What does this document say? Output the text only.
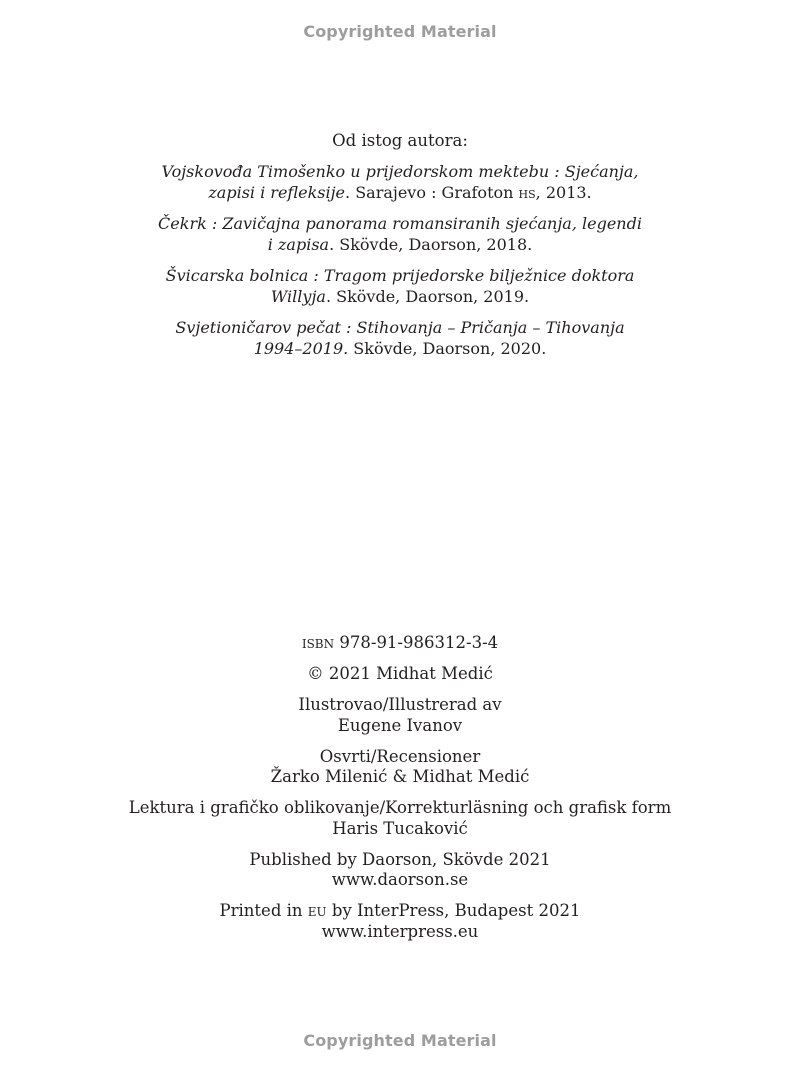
Copyrighted Material
Od istog autora:
Vojskovođa Timošenko u prijedorskom mektebu : Sjećanja,
zapisi i refleksije. Sarajevo : Grafoton hs, 2013.
Čekrk : Zavičajna panorama romansiranih sjećanja, legendi
i zapisa. Skövde, Daorson, 2018.
Švicarska bolnica : Tragom prijedorske bilježnice doktora
Willyja. Skövde, Daorson, 2019.
Svjetioničarov pečat : Stihovanja – Pričanja – Tihovanja
1994–2019. Skövde, Daorson, 2020.
isbn 978-91-986312-3-4
© 2021 Midhat Medić
Ilustrovao/Illustrerad av
Eugene Ivanov
Osvrti/Recensioner
Žarko Milenić & Midhat Medić
Lektura i grafičko oblikovanje/Korrekturläsning och grafisk form
Haris Tucaković
Published by Daorson, Skövde 2021
www.daorson.se
Printed in eu by InterPress, Budapest 2021
www.interpress.eu
Copyrighted Material
